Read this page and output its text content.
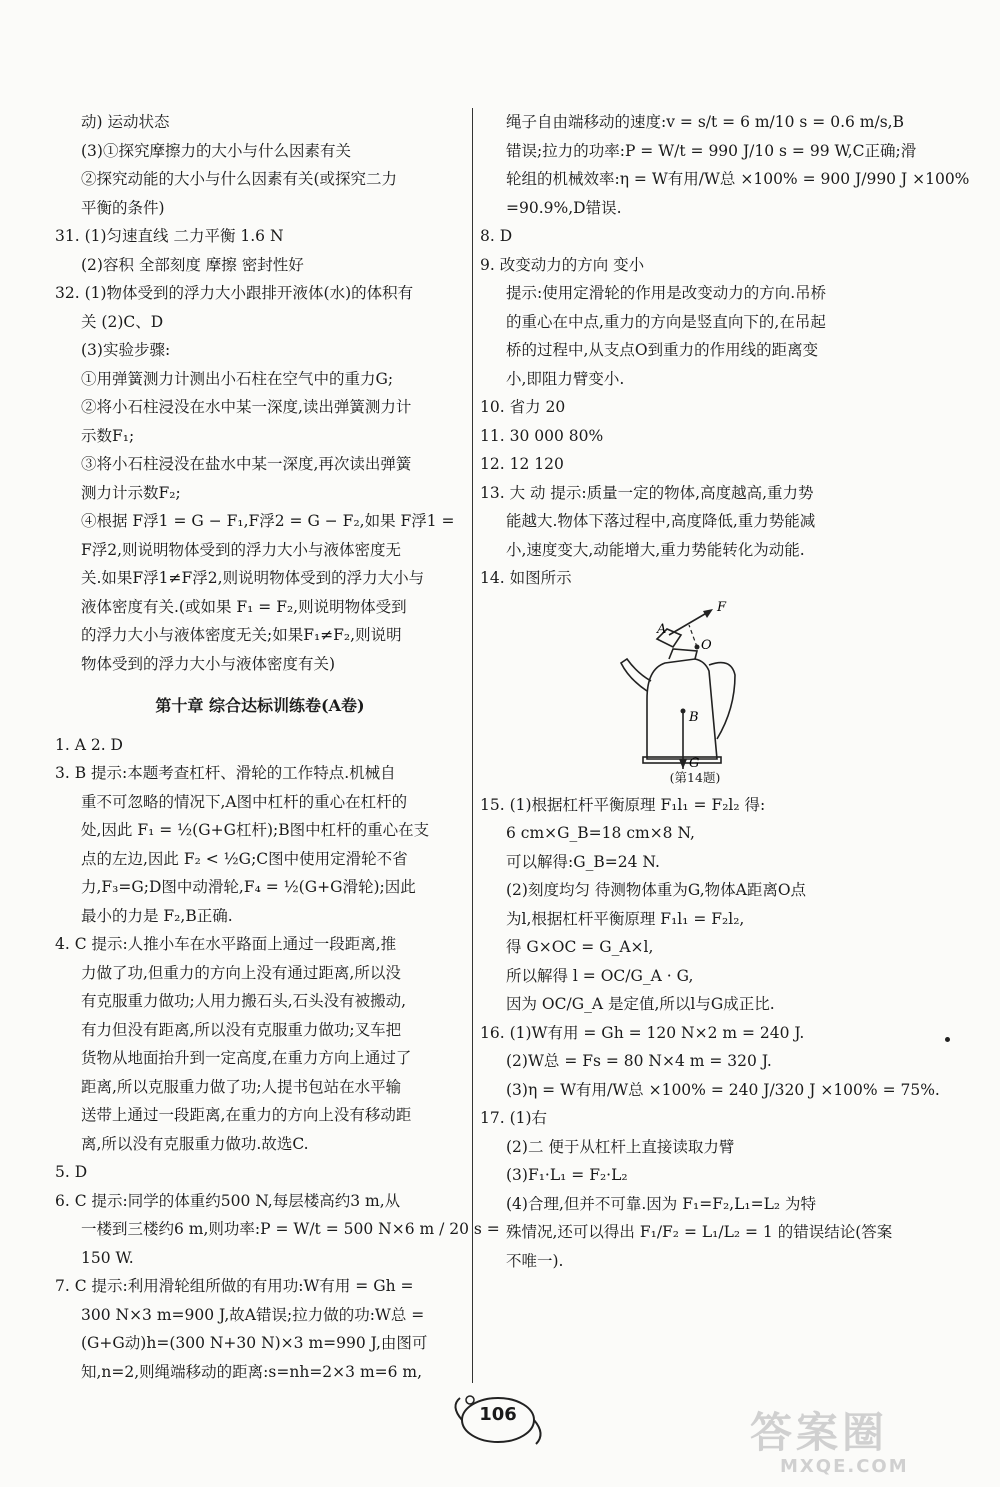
动) 运动状态
(3)①探究摩擦力的大小与什么因素有关
②探究动能的大小与什么因素有关(或探究二力
平衡的条件)
31. (1)匀速直线 二力平衡 1.6 N
(2)容积 全部刻度 摩擦 密封性好
32. (1)物体受到的浮力大小跟排开液体(水)的体积有
关 (2)C、D
(3)实验步骤:
①用弹簧测力计测出小石柱在空气中的重力G;
②将小石柱浸没在水中某一深度,读出弹簧测力计
示数F₁;
③将小石柱浸没在盐水中某一深度,再次读出弹簧
测力计示数F₂;
④根据 F浮1 = G − F₁,F浮2 = G − F₂,如果 F浮1 =
F浮2,则说明物体受到的浮力大小与液体密度无
关.如果F浮1≠F浮2,则说明物体受到的浮力大小与
液体密度有关.(或如果 F₁ = F₂,则说明物体受到
的浮力大小与液体密度无关;如果F₁≠F₂,则说明
物体受到的浮力大小与液体密度有关)
第十章 综合达标训练卷(A卷)
1. A 2. D
3. B 提示:本题考查杠杆、滑轮的工作特点.机械自
重不可忽略的情况下,A图中杠杆的重心在杠杆的
处,因此 F₁ = ½(G+G杠杆);B图中杠杆的重心在支
点的左边,因此 F₂ < ½G;C图中使用定滑轮不省
力,F₃=G;D图中动滑轮,F₄ = ½(G+G滑轮);因此
最小的力是 F₂,B正确.
4. C 提示:人推小车在水平路面上通过一段距离,推
力做了功,但重力的方向上没有通过距离,所以没
有克服重力做功;人用力搬石头,石头没有被搬动,
有力但没有距离,所以没有克服重力做功;叉车把
货物从地面抬升到一定高度,在重力方向上通过了
距离,所以克服重力做了功;人提书包站在水平输
送带上通过一段距离,在重力的方向上没有移动距
离,所以没有克服重力做功.故选C.
5. D
6. C 提示:同学的体重约500 N,每层楼高约3 m,从
一楼到三楼约6 m,则功率:P = W/t = 500 N×6 m / 20 s =
150 W.
7. C 提示:利用滑轮组所做的有用功:W有用 = Gh =
300 N×3 m=900 J,故A错误;拉力做的功:W总 =
(G+G动)h=(300 N+30 N)×3 m=990 J,由图可
知,n=2,则绳端移动的距离:s=nh=2×3 m=6 m,
绳子自由端移动的速度:v = s/t = 6 m/10 s = 0.6 m/s,B
错误;拉力的功率:P = W/t = 990 J/10 s = 99 W,C正确;滑
轮组的机械效率:η = W有用/W总 ×100% = 900 J/990 J ×100%
=90.9%,D错误.
8. D
9. 改变动力的方向 变小
提示:使用定滑轮的作用是改变动力的方向.吊桥
的重心在中点,重力的方向是竖直向下的,在吊起
桥的过程中,从支点O到重力的作用线的距离变
小,即阻力臂变小.
10. 省力 20
11. 30 000 80%
12. 12 120
13. 大 动 提示:质量一定的物体,高度越高,重力势
能越大.物体下落过程中,高度降低,重力势能减
小,速度变大,动能增大,重力势能转化为动能.
14. 如图所示
A
F
O
B
G
(第14题)
15. (1)根据杠杆平衡原理 F₁l₁ = F₂l₂ 得:
6 cm×G_B=18 cm×8 N,
可以解得:G_B=24 N.
(2)刻度均匀 待测物体重为G,物体A距离O点
为l,根据杠杆平衡原理 F₁l₁ = F₂l₂,
得 G×OC = G_A×l,
所以解得 l = OC/G_A · G,
因为 OC/G_A 是定值,所以l与G成正比.
16. (1)W有用 = Gh = 120 N×2 m = 240 J.
(2)W总 = Fs = 80 N×4 m = 320 J.
(3)η = W有用/W总 ×100% = 240 J/320 J ×100% = 75%.
17. (1)右
(2)二 便于从杠杆上直接读取力臂
(3)F₁·L₁ = F₂·L₂
(4)合理,但并不可靠.因为 F₁=F₂,L₁=L₂ 为特
殊情况,还可以得出 F₁/F₂ = L₁/L₂ = 1 的错误结论(答案
不唯一).
106	答案圈
MXQE.COM
